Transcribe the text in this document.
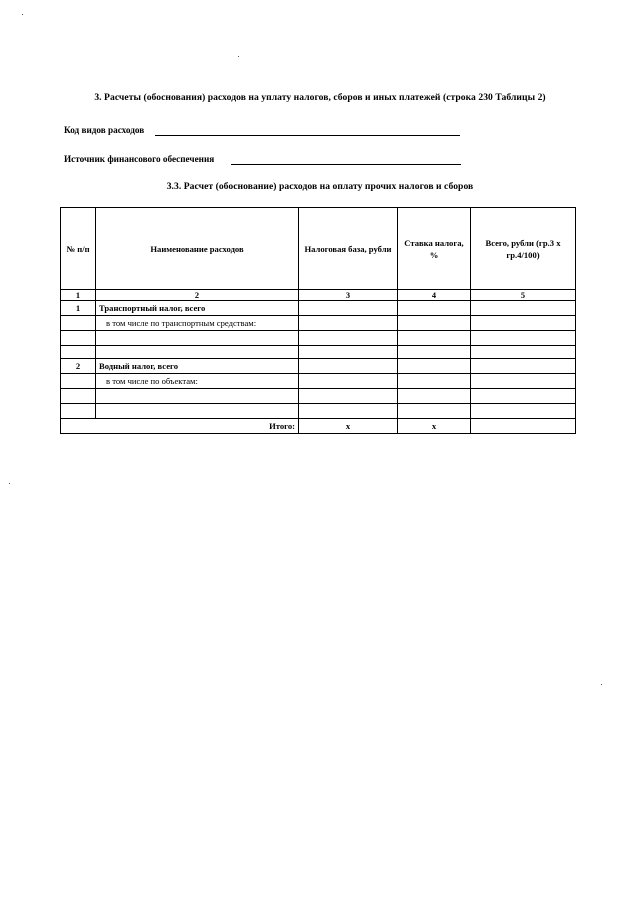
3. Расчеты (обоснования) расходов на уплату налогов, сборов и иных платежей (строка 230 Таблицы 2)
Код видов расходов
Источник финансового обеспечения
3.3. Расчет (обоснование) расходов на оплату прочих налогов и сборов
№ п/п	Наименование расходов	Налоговая база, рубли	Ставка налога, %	Всего, рубли (гр.3 х гр.4/100)
1	2	3	4	5
1	Транспортный налог, всего			
	в том числе по транспортным средствам:			

2	Водный налог, всего			
	в том числе по объектам:			

Итого:		х	х	
